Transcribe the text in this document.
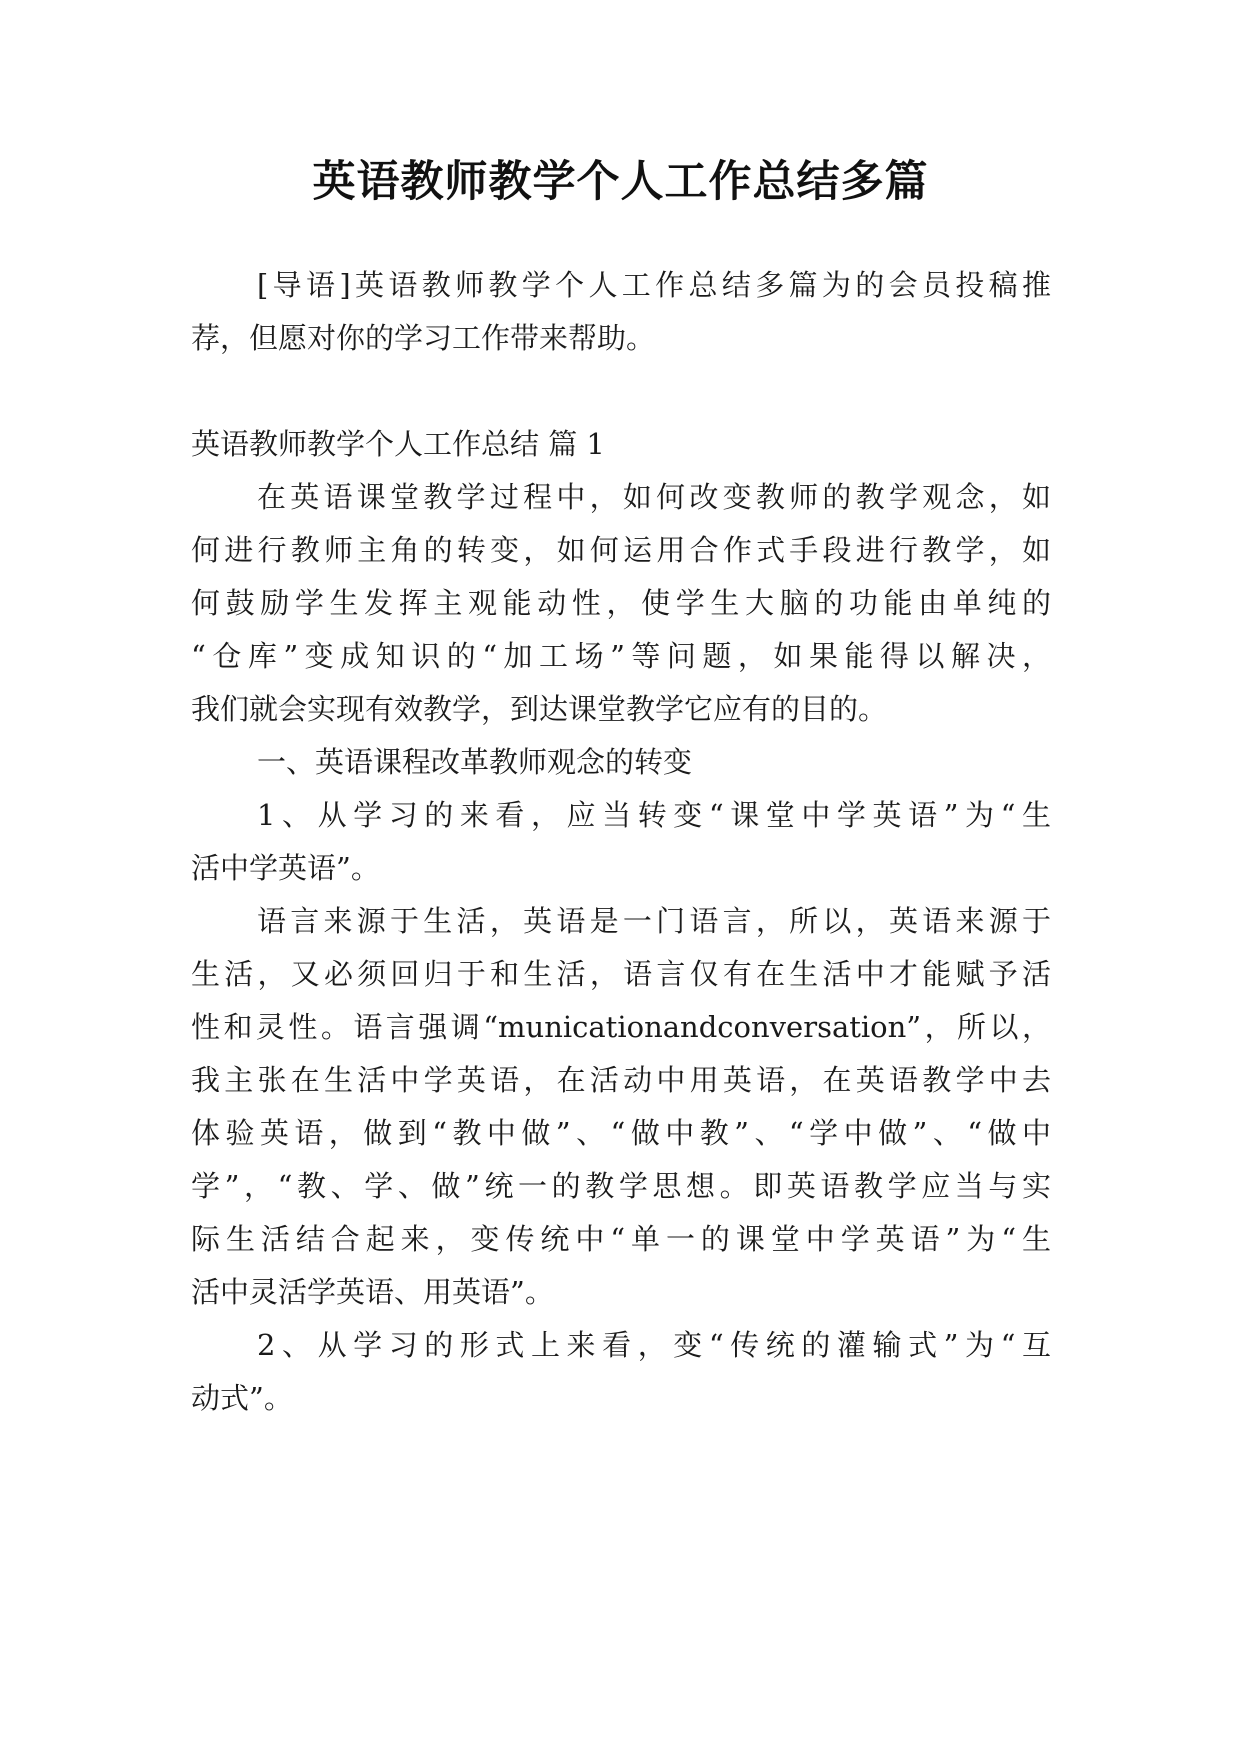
英语教师教学个人工作总结多篇
[导语]英语教师教学个人工作总结多篇为的会员投稿推
荐，但愿对你的学习工作带来帮助。
英语教师教学个人工作总结 篇 1
在英语课堂教学过程中，如何改变教师的教学观念，如
何进行教师主角的转变，如何运用合作式手段进行教学，如
何鼓励学生发挥主观能动性，使学生大脑的功能由单纯的
“仓库”变成知识的“加工场”等问题，如果能得以解决，
我们就会实现有效教学，到达课堂教学它应有的目的。
一、英语课程改革教师观念的转变
1、从学习的来看，应当转变“课堂中学英语”为“生
活中学英语”。
语言来源于生活，英语是一门语言，所以，英语来源于
生活，又必须回归于和生活，语言仅有在生活中才能赋予活
性和灵性。语言强调“municationandconversation”，所以，
我主张在生活中学英语，在活动中用英语，在英语教学中去
体验英语，做到“教中做”、“做中教”、“学中做”、“做中
学”，“教、学、做”统一的教学思想。即英语教学应当与实
际生活结合起来，变传统中“单一的课堂中学英语”为“生
活中灵活学英语、用英语”。
2、从学习的形式上来看，变“传统的灌输式”为“互
动式”。
